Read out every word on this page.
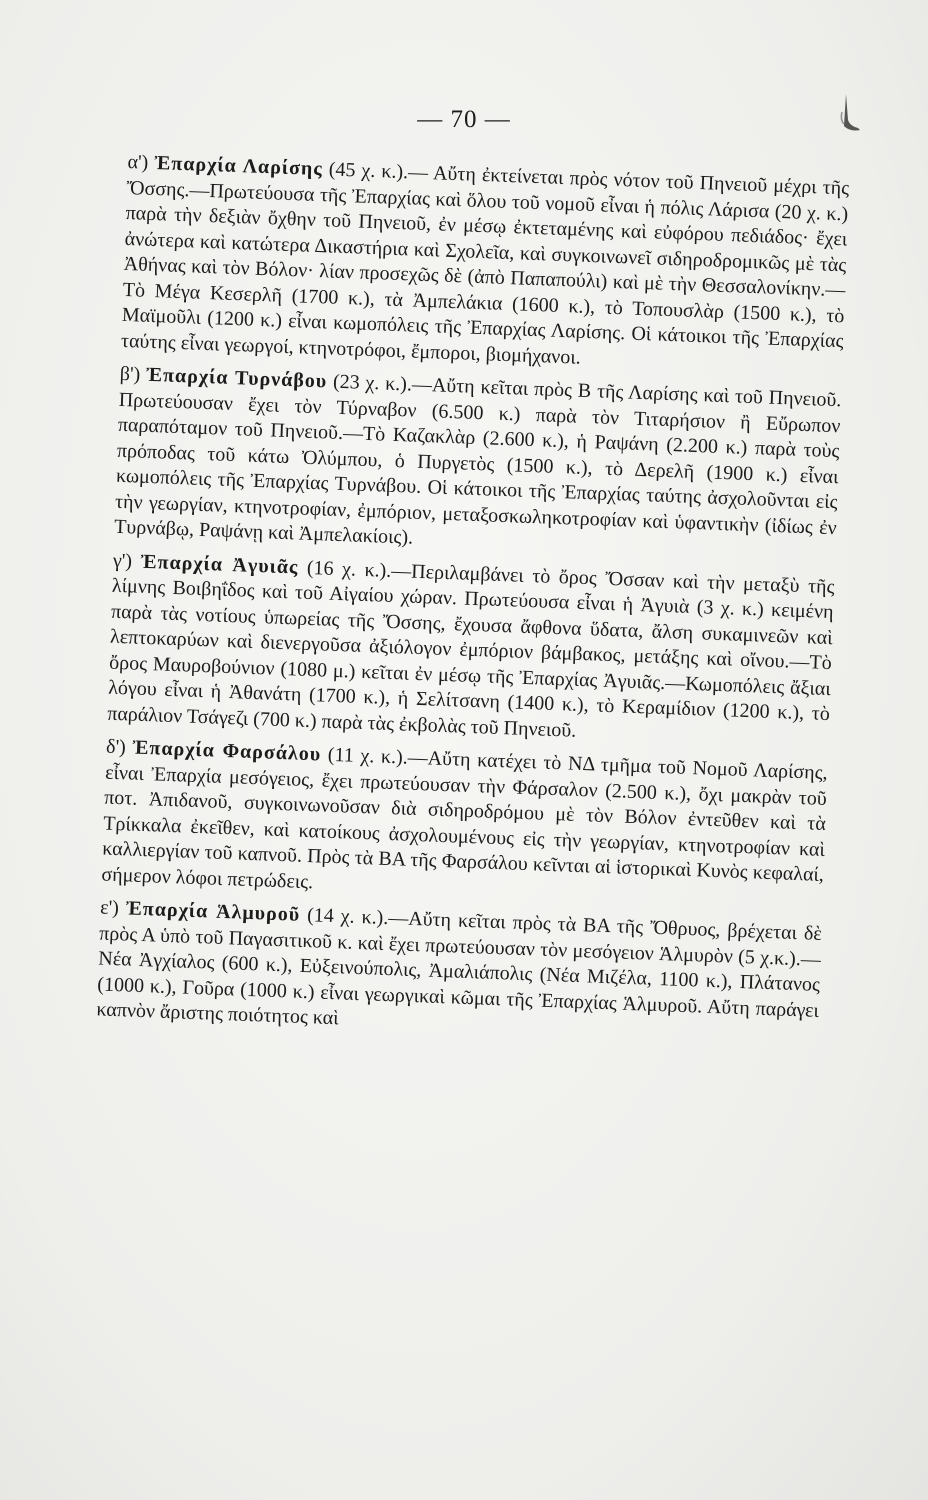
— 70 —

α') Ἐπαρχία Λαρίσης (45 χ. κ.).— Αὔτη ἐκτείνεται πρὸς νότον τοῦ Πηνειοῦ μέχρι τῆς Ὄσσης.—Πρωτεύουσα τῆς Ἐπαρχίας καὶ ὅλου τοῦ νομοῦ εἶναι ἡ πόλις Λάρισα (20 χ. κ.) παρὰ τὴν δεξιὰν ὄχθην τοῦ Πηνειοῦ, ἐν μέσῳ ἐκτεταμένης καὶ εὐφόρου πεδιάδος· ἔχει ἀνώτερα καὶ κατώτερα Δικαστήρια καὶ Σχολεῖα, καὶ συγκοινωνεῖ σιδηροδρομικῶς μὲ τὰς Ἀθήνας καὶ τὸν Βόλον· λίαν προσεχῶς δὲ (ἀπὸ Παπαπούλι) καὶ μὲ τὴν Θεσσαλονίκην.—Τὸ Μέγα Κεσερλῆ (1700 κ.), τὰ Ἀμπελάκια (1600 κ.), τὸ Τοπουσλὰρ (1500 κ.), τὸ Μαϊμοῦλι (1200 κ.) εἶναι κωμοπόλεις τῆς Ἐπαρχίας Λαρίσης. Οἱ κάτοικοι τῆς Ἐπαρχίας ταύτης εἶναι γεωργοί, κτηνοτρόφοι, ἔμποροι, βιομήχανοι.

β') Ἐπαρχία Τυρνάβου (23 χ. κ.).—Αὔτη κεῖται πρὸς Β τῆς Λαρίσης καὶ τοῦ Πηνειοῦ. Πρωτεύουσαν ἔχει τὸν Τύρναβον (6.500 κ.) παρὰ τὸν Τιταρήσιον ἢ Εὔρωπον παραπόταμον τοῦ Πηνειοῦ.—Τὸ Καζακλὰρ (2.600 κ.), ἡ Ραψάνη (2.200 κ.) παρὰ τοὺς πρόποδας τοῦ κάτω Ὀλύμπου, ὁ Πυργετὸς (1500 κ.), τὸ Δερελῆ (1900 κ.) εἶναι κωμοπόλεις τῆς Ἐπαρχίας Τυρνάβου. Οἱ κάτοικοι τῆς Ἐπαρχίας ταύτης ἀσχολοῦνται εἰς τὴν γεωργίαν, κτηνοτροφίαν, ἐμπόριον, μεταξοσκωληκοτροφίαν καὶ ὑφαντικὴν (ἰδίως ἐν Τυρνάβῳ, Ραψάνῃ καὶ Ἀμπελακίοις).

γ') Ἐπαρχία Ἀγυιᾶς (16 χ. κ.).—Περιλαμβάνει τὸ ὄρος Ὄσσαν καὶ τὴν μεταξὺ τῆς λίμνης Βοιβηΐδος καὶ τοῦ Αἰγαίου χώραν. Πρωτεύουσα εἶναι ἡ Ἀγυιὰ (3 χ. κ.) κειμένη παρὰ τὰς νοτίους ὑπωρείας τῆς Ὄσσης, ἔχουσα ἄφθονα ὕδατα, ἄλση συκαμινεῶν καὶ λεπτοκαρύων καὶ διενεργοῦσα ἀξιόλογον ἐμπόριον βάμβακος, μετάξης καὶ οἴνου.—Τὸ ὄρος Μαυροβούνιον (1080 μ.) κεῖται ἐν μέσῳ τῆς Ἐπαρχίας Ἀγυιᾶς.—Κωμοπόλεις ἄξιαι λόγου εἶναι ἡ Ἀθανάτη (1700 κ.), ἡ Σελίτσανη (1400 κ.), τὸ Κεραμίδιον (1200 κ.), τὸ παράλιον Τσάγεζι (700 κ.) παρὰ τὰς ἐκβολὰς τοῦ Πηνειοῦ.

δ') Ἐπαρχία Φαρσάλου (11 χ. κ.).—Αὔτη κατέχει τὸ ΝΔ τμῆμα τοῦ Νομοῦ Λαρίσης, εἶναι Ἐπαρχία μεσόγειος, ἔχει πρωτεύουσαν τὴν Φάρσαλον (2.500 κ.), ὄχι μακρὰν τοῦ ποτ. Ἀπιδανοῦ, συγκοινωνοῦσαν διὰ σιδηροδρόμου μὲ τὸν Βόλον ἐντεῦθεν καὶ τὰ Τρίκκαλα ἐκεῖθεν, καὶ κατοίκους ἀσχολουμένους εἰς τὴν γεωργίαν, κτηνοτροφίαν καὶ καλλιεργίαν τοῦ καπνοῦ. Πρὸς τὰ ΒΑ τῆς Φαρσάλου κεῖνται αἱ ἱστορικαὶ Κυνὸς κεφαλαί, σήμερον λόφοι πετρώδεις.

ε') Ἐπαρχία Ἁλμυροῦ (14 χ. κ.).—Αὔτη κεῖται πρὸς τὰ ΒΑ τῆς Ὄθρυος, βρέχεται δὲ πρὸς Α ὑπὸ τοῦ Παγασιτικοῦ κ. καὶ ἔχει πρωτεύουσαν τὸν μεσόγειον Ἁλμυρὸν (5 χ.κ.).—Νέα Ἀγχίαλος (600 κ.), Εὐξεινούπολις, Ἀμαλιάπολις (Νέα Μιζέλα, 1100 κ.), Πλάτανος (1000 κ.), Γοῦρα (1000 κ.) εἶναι γεωργικαὶ κῶμαι τῆς Ἐπαρχίας Ἁλμυροῦ. Αὔτη παράγει καπνὸν ἄριστης ποιότητος καὶ
